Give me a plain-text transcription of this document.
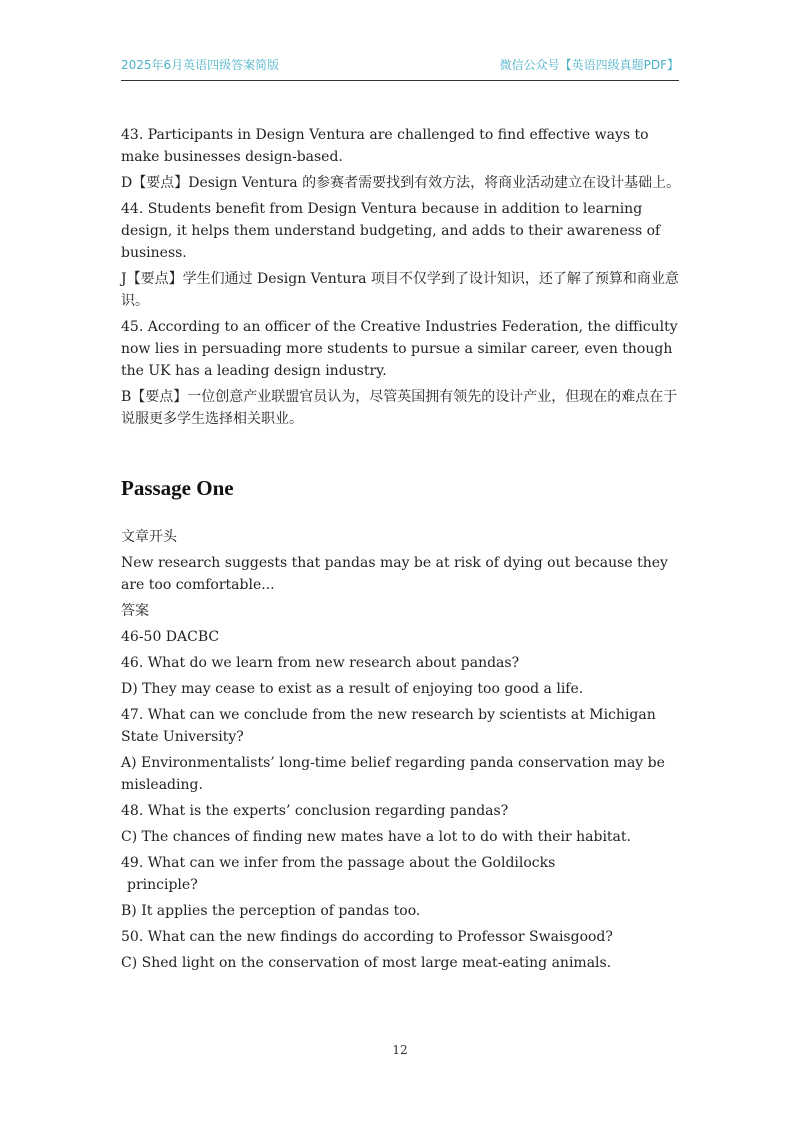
2025年6月英语四级答案简版	微信公众号【英语四级真题PDF】

43. Participants in Design Ventura are challenged to find effective ways to make businesses design-based.

D【要点】Design Ventura 的参赛者需要找到有效方法，将商业活动建立在设计基础上。

44. Students benefit from Design Ventura because in addition to learning design, it helps them understand budgeting, and adds to their awareness of business.

J【要点】学生们通过 Design Ventura 项目不仅学到了设计知识，还了解了预算和商业意识。

45. According to an officer of the Creative Industries Federation, the difficulty now lies in persuading more students to pursue a similar career, even though the UK has a leading design industry.

B【要点】一位创意产业联盟官员认为，尽管英国拥有领先的设计产业，但现在的难点在于说服更多学生选择相关职业。

Passage One

文章开头

New research suggests that pandas may be at risk of dying out because they are too comfortable...

答案

46-50 DACBC

46. What do we learn from new research about pandas?

D) They may cease to exist as a result of enjoying too good a life.

47. What can we conclude from the new research by scientists at Michigan State University?

A) Environmentalists’ long-time belief regarding panda conservation may be misleading.

48. What is the experts’ conclusion regarding pandas?

C) The chances of finding new mates have a lot to do with their habitat.

49. What can we infer from the passage about the Goldilocks

principle?

B) It applies the perception of pandas too.

50. What can the new findings do according to Professor Swaisgood?

C) Shed light on the conservation of most large meat-eating animals.

12
